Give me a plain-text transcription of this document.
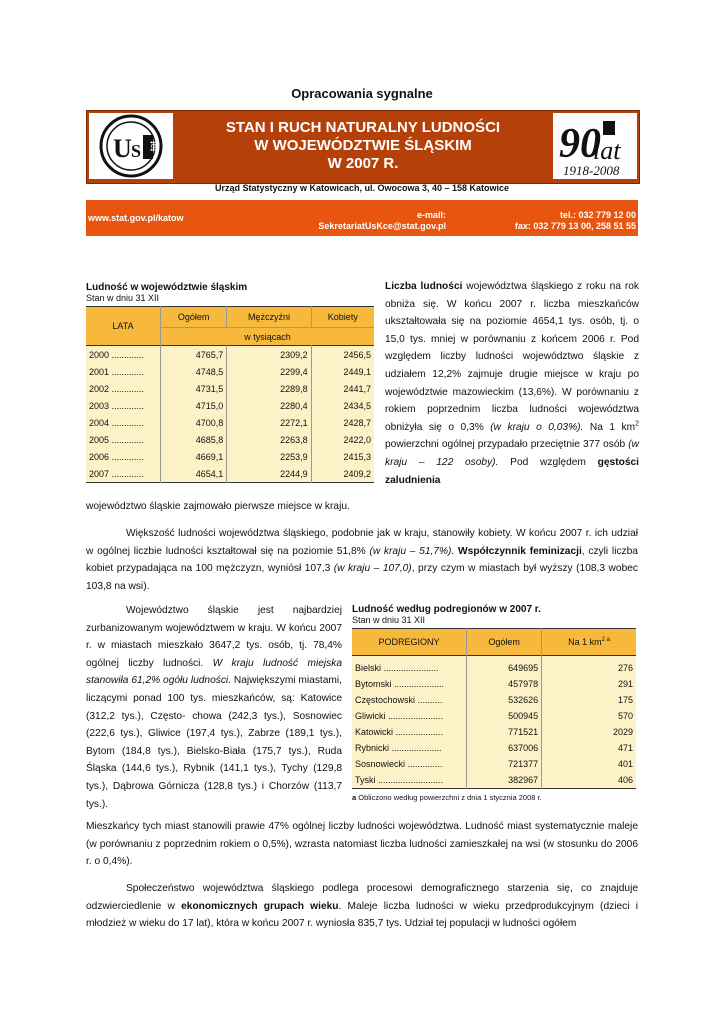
Opracowania sygnalne
U S tat
STAN I RUCH NATURALNY LUDNOŚCI
W WOJEWÓDZTWIE ŚLĄSKIM
W 2007 R.	90
lat
1918-2008
Urząd Statystyczny w Katowicach, ul. Owocowa 3, 40 – 158 Katowice
www.stat.gov.pl/katow	e-mail:
SekretariatUsKce@stat.gov.pl
tel.: 032 779 12 00
fax: 032 779 13 00, 258 51 55
Ludność w województwie śląskim
Stan w dniu 31 XII
LATA	Ogółem	Mężczyźni	Kobiety
	w tysiącach		
2000 .............	4765,7	2309,2	2456,5
2001 .............	4748,5	2299,4	2449,1
2002 .............	4731,5	2289,8	2441,7
2003 .............	4715,0	2280,4	2434,5
2004 .............	4700,8	2272,1	2428,7
2005 .............	4685,8	2263,8	2422,0
2006 .............	4669,1	2253,9	2415,3
2007 .............	4654,1	2244,9	2409,2
Liczba ludności województwa śląskiego z roku na rok obniża się. W końcu 2007 r. liczba mieszkańców ukształtowała się na poziomie 4654,1 tys. osób, tj. o 15,0 tys. mniej w porównaniu z końcem 2006 r. Pod względem liczby ludności województwo śląskie z udziałem 12,2% zajmuje drugie miejsce w kraju po województwie mazowieckim (13,6%). W porównaniu z rokiem poprzednim liczba ludności województwa obniżyła się o 0,3% (w kraju o 0,03%). Na 1 $km^2$ powierzchni ogólnej przypadało przeciętnie 377 osób (w kraju – 122 osoby). Pod względem gęstości zaludnienia
województwo śląskie zajmowało pierwsze miejsce w kraju.
Większość ludności województwa śląskiego, podobnie jak w kraju, stanowiły kobiety. W końcu 2007 r. ich udział w ogólnej liczbie ludności kształtował się na poziomie 51,8% (w kraju – 51,7%). Współczynnik feminizacji, czyli liczba kobiet przypadająca na 100 mężczyzn, wyniósł 107,3 (w kraju – 107,0), przy czym w miastach był wyższy (108,3 wobec 103,8 na wsi).
Województwo śląskie jest najbardziej zurbanizowanym województwem w kraju. W końcu 2007 r. w miastach mieszkało 3647,2 tys. osób, tj. 78,4% ogólnej liczby ludności. W kraju ludność miejska stanowiła 61,2% ogółu ludności. Największymi miastami, liczącymi ponad 100 tys. mieszkańców, są: Katowice (312,2 tys.), Często- chowa (242,3 tys.), Sosnowiec (222,6 tys.), Gliwice (197,4 tys.), Zabrze (189,1 tys.), Bytom (184,8 tys.), Bielsko-Biała (175,7 tys.), Ruda Śląska (144,6 tys.), Rybnik (141,1 tys.), Tychy (129,8 tys.), Dąbrowa Górnicza (128,8 tys.) i Chorzów (113,7 tys.).
Mieszkańcy tych miast stanowili prawie 47% ogólnej liczby ludności województwa. Ludność miast systematycznie maleje (w porównaniu z poprzednim rokiem o 0,5%), wzrasta natomiast liczba ludności zamieszkałej na wsi (w stosunku do 2006 r. o 0,4%).
Ludność według podregionów w 2007 r.
Stan w dniu 31 XII
PODREGIONY	Ogółem	Na 1 $km^{2 a}$
Bielski ......................	649695	276
Bytomski ....................	457978	291
Częstochowski ..........	532626	175
Gliwicki ......................	500945	570
Katowicki ...................	771521	2029
Rybnicki ....................	637006	471
Sosnowiecki ..............	721377	401
Tyski ..........................	382967	406
a Obliczono według powierzchni z dnia 1 stycznia 2008 r.
Społeczeństwo województwa śląskiego podlega procesowi demograficznego starzenia się, co znajduje odzwierciedlenie w ekonomicznych grupach wieku. Maleje liczba ludności w wieku przedprodukcyjnym (dzieci i młodzież w wieku do 17 lat), która w końcu 2007 r. wyniosła 835,7 tys. Udział tej populacji w ludności ogółem
